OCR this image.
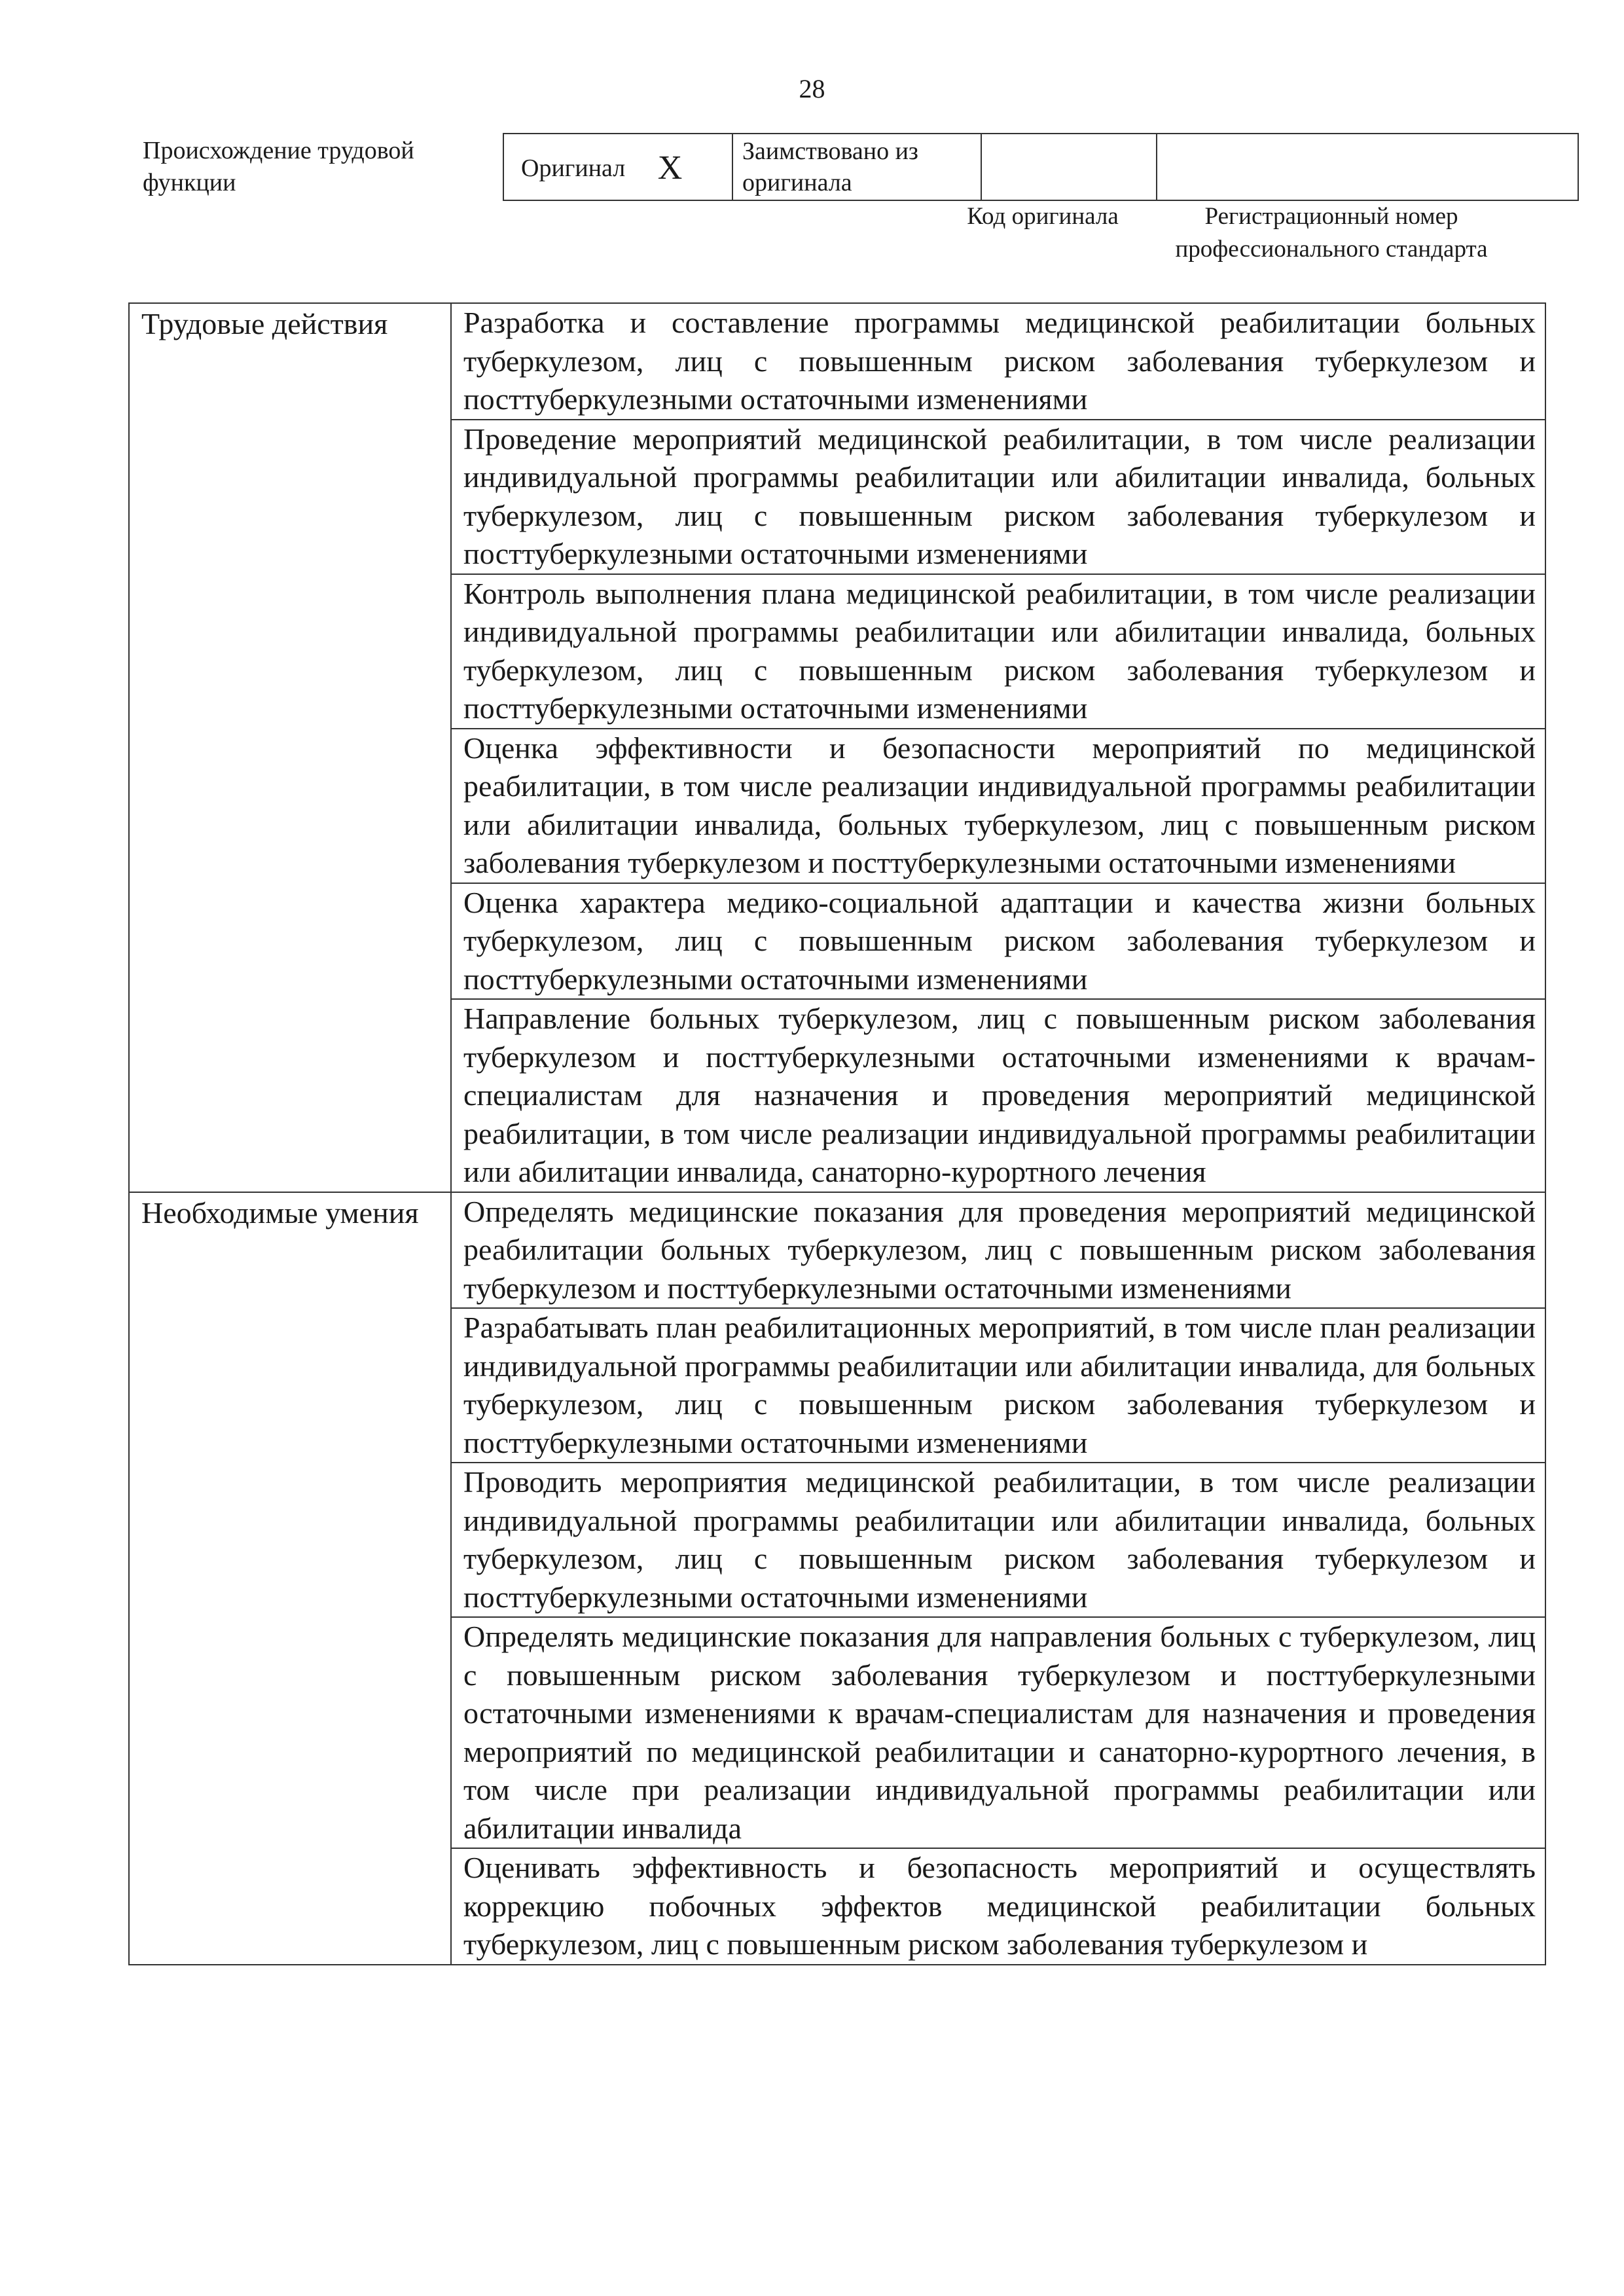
28
Происхождение трудовой функции
Оригинал X	Заимствовано из оригинала		
Код оригинала	Регистрационный номер профессионального стандарта
Трудовые действия	Разработка и составление программы медицинской реабилитации больных туберкулезом, лиц с повышенным риском заболевания туберкулезом и посттуберкулезными остаточными изменениями
	Проведение мероприятий медицинской реабилитации, в том числе реализации индивидуальной программы реабилитации или абилитации инвалида, больных туберкулезом, лиц с повышенным риском заболевания туберкулезом и посттуберкулезными остаточными изменениями
	Контроль выполнения плана медицинской реабилитации, в том числе реализации индивидуальной программы реабилитации или абилитации инвалида, больных туберкулезом, лиц с повышенным риском заболевания туберкулезом и посттуберкулезными остаточными изменениями
	Оценка эффективности и безопасности мероприятий по медицинской реабилитации, в том числе реализации индивидуальной программы реабилитации или абилитации инвалида, больных туберкулезом, лиц с повышенным риском заболевания туберкулезом и посттуберкулезными остаточными изменениями
	Оценка характера медико-социальной адаптации и качества жизни больных туберкулезом, лиц с повышенным риском заболевания туберкулезом и посттуберкулезными остаточными изменениями
	Направление больных туберкулезом, лиц с повышенным риском заболевания туберкулезом и посттуберкулезными остаточными изменениями к врачам-специалистам для назначения и проведения мероприятий медицинской реабилитации, в том числе реализации индивидуальной программы реабилитации или абилитации инвалида, санаторно-курортного лечения
Необходимые умения	Определять медицинские показания для проведения мероприятий медицинской реабилитации больных туберкулезом, лиц с повышенным риском заболевания туберкулезом и посттуберкулезными остаточными изменениями
	Разрабатывать план реабилитационных мероприятий, в том числе план реализации индивидуальной программы реабилитации или абилитации инвалида, для больных туберкулезом, лиц с повышенным риском заболевания туберкулезом и посттуберкулезными остаточными изменениями
	Проводить мероприятия медицинской реабилитации, в том числе реализации индивидуальной программы реабилитации или абилитации инвалида, больных туберкулезом, лиц с повышенным риском заболевания туберкулезом и посттуберкулезными остаточными изменениями
	Определять медицинские показания для направления больных с туберкулезом, лиц с повышенным риском заболевания туберкулезом и посттуберкулезными остаточными изменениями к врачам-специалистам для назначения и проведения мероприятий по медицинской реабилитации и санаторно-курортного лечения, в том числе при реализации индивидуальной программы реабилитации или абилитации инвалида
	Оценивать эффективность и безопасность мероприятий и осуществлять коррекцию побочных эффектов медицинской реабилитации больных туберкулезом, лиц с повышенным риском заболевания туберкулезом и
